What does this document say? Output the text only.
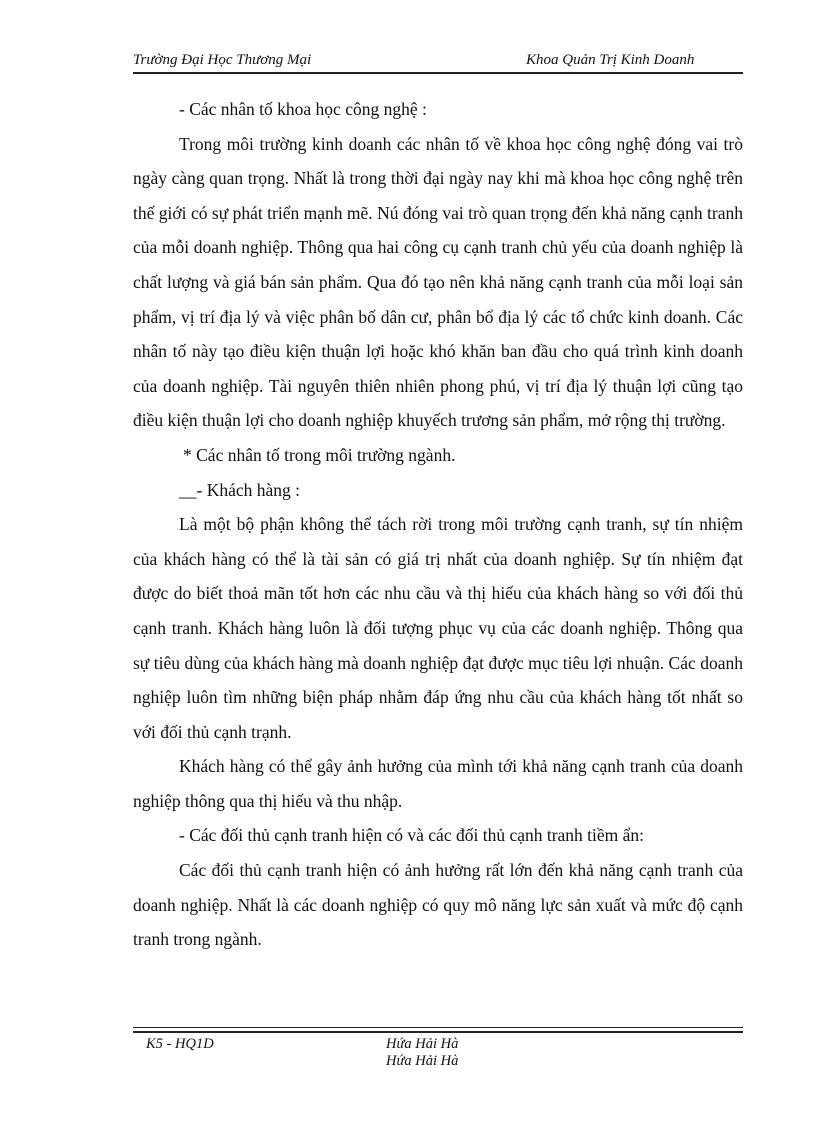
Trường Đại Học Thương Mại	Khoa Quản Trị Kinh Doanh

- Các nhân tố khoa học công nghệ :

Trong môi trường kinh doanh các nhân tố về khoa học công nghệ đóng vai trò ngày càng quan trọng. Nhất là trong thời đại ngày nay khi mà khoa học công nghệ trên thế giới có sự phát triển mạnh mẽ. Nú đóng vai trò quan trọng đến khả năng cạnh tranh của mỗi doanh nghiệp. Thông qua hai công cụ cạnh tranh chủ yếu của doanh nghiệp là chất lượng và giá bán sản phẩm. Qua đó tạo nên khả năng cạnh tranh của mỗi loại sản phẩm, vị trí địa lý và việc phân bố dân cư, phân bổ địa lý các tổ chức kinh doanh. Các nhân tố này tạo điều kiện thuận lợi hoặc khó khăn ban đầu cho quá trình kinh doanh của doanh nghiệp. Tài nguyên thiên nhiên phong phú, vị trí địa lý thuận lợi cũng tạo điều kiện thuận lợi cho doanh nghiệp khuyếch trương sản phẩm, mở rộng thị trường.

* Các nhân tố trong môi trường ngành.

__- Khách hàng :

Là một bộ phận không thể tách rời trong môi trường cạnh tranh, sự tín nhiệm của khách hàng có thể là tài sản có giá trị nhất của doanh nghiệp. Sự tín nhiệm đạt được do biết thoả mãn tốt hơn các nhu cầu và thị hiếu của khách hàng so với đối thủ cạnh tranh. Khách hàng luôn là đối tượng phục vụ của các doanh nghiệp. Thông qua sự tiêu dùng của khách hàng mà doanh nghiệp đạt được mục tiêu lợi nhuận. Các doanh nghiệp luôn tìm những biện pháp nhằm đáp ứng nhu cầu của khách hàng tốt nhất so với đối thủ cạnh trạnh.

Khách hàng có thể gây ảnh hưởng của mình tới khả năng cạnh tranh của doanh nghiệp thông qua thị hiếu và thu nhập.

- Các đối thủ cạnh tranh hiện có và các đối thủ cạnh tranh tiềm ẩn:

Các đối thủ cạnh tranh hiện có ảnh hưởng rất lớn đến khả năng cạnh tranh của doanh nghiệp. Nhất là các doanh nghiệp có quy mô năng lực sản xuất và mức độ cạnh tranh trong ngành.

K5 - HQ1D	Hứa Hải Hà
Hứa Hải Hà
